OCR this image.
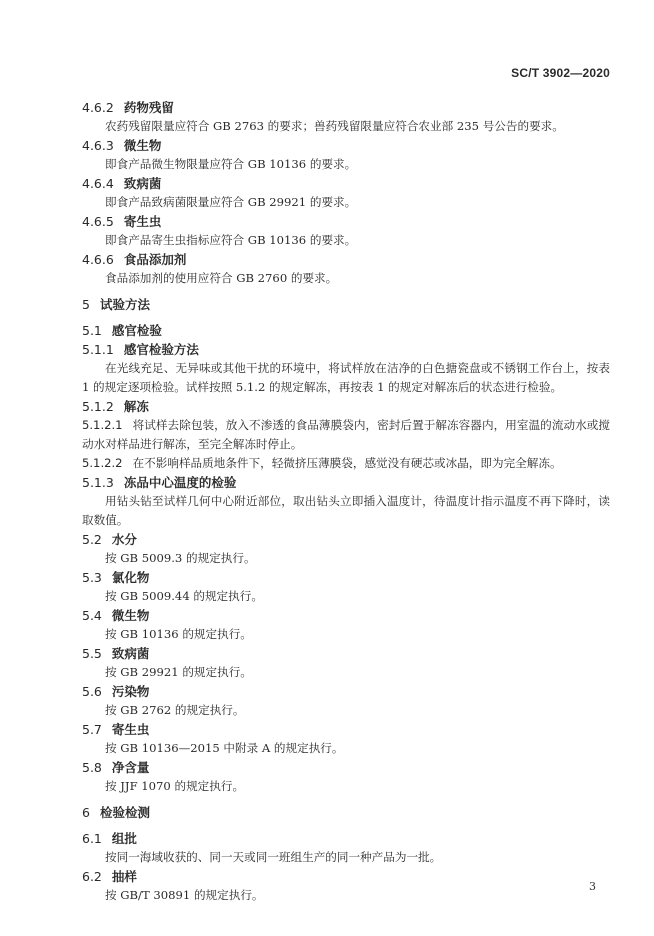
SC/T 3902—2020
4.6.2 药物残留
农药残留限量应符合 GB 2763 的要求；兽药残留限量应符合农业部 235 号公告的要求。
4.6.3 微生物
即食产品微生物限量应符合 GB 10136 的要求。
4.6.4 致病菌
即食产品致病菌限量应符合 GB 29921 的要求。
4.6.5 寄生虫
即食产品寄生虫指标应符合 GB 10136 的要求。
4.6.6 食品添加剂
食品添加剂的使用应符合 GB 2760 的要求。
5 试验方法
5.1 感官检验
5.1.1 感官检验方法
在光线充足、无异味或其他干扰的环境中，将试样放在洁净的白色搪瓷盘或不锈钢工作台上，按表 1 的规定逐项检验。试样按照 5.1.2 的规定解冻，再按表 1 的规定对解冻后的状态进行检验。
5.1.2 解冻
5.1.2.1 将试样去除包装，放入不渗透的食品薄膜袋内，密封后置于解冻容器内，用室温的流动水或搅动水对样品进行解冻，至完全解冻时停止。
5.1.2.2 在不影响样品质地条件下，轻微挤压薄膜袋，感觉没有硬芯或冰晶，即为完全解冻。
5.1.3 冻品中心温度的检验
用钻头钻至试样几何中心附近部位，取出钻头立即插入温度计，待温度计指示温度不再下降时，读取数值。
5.2 水分
按 GB 5009.3 的规定执行。
5.3 氯化物
按 GB 5009.44 的规定执行。
5.4 微生物
按 GB 10136 的规定执行。
5.5 致病菌
按 GB 29921 的规定执行。
5.6 污染物
按 GB 2762 的规定执行。
5.7 寄生虫
按 GB 10136—2015 中附录 A 的规定执行。
5.8 净含量
按 JJF 1070 的规定执行。
6 检验检测
6.1 组批
按同一海域收获的、同一天或同一班组生产的同一种产品为一批。
6.2 抽样
按 GB/T 30891 的规定执行。
3
